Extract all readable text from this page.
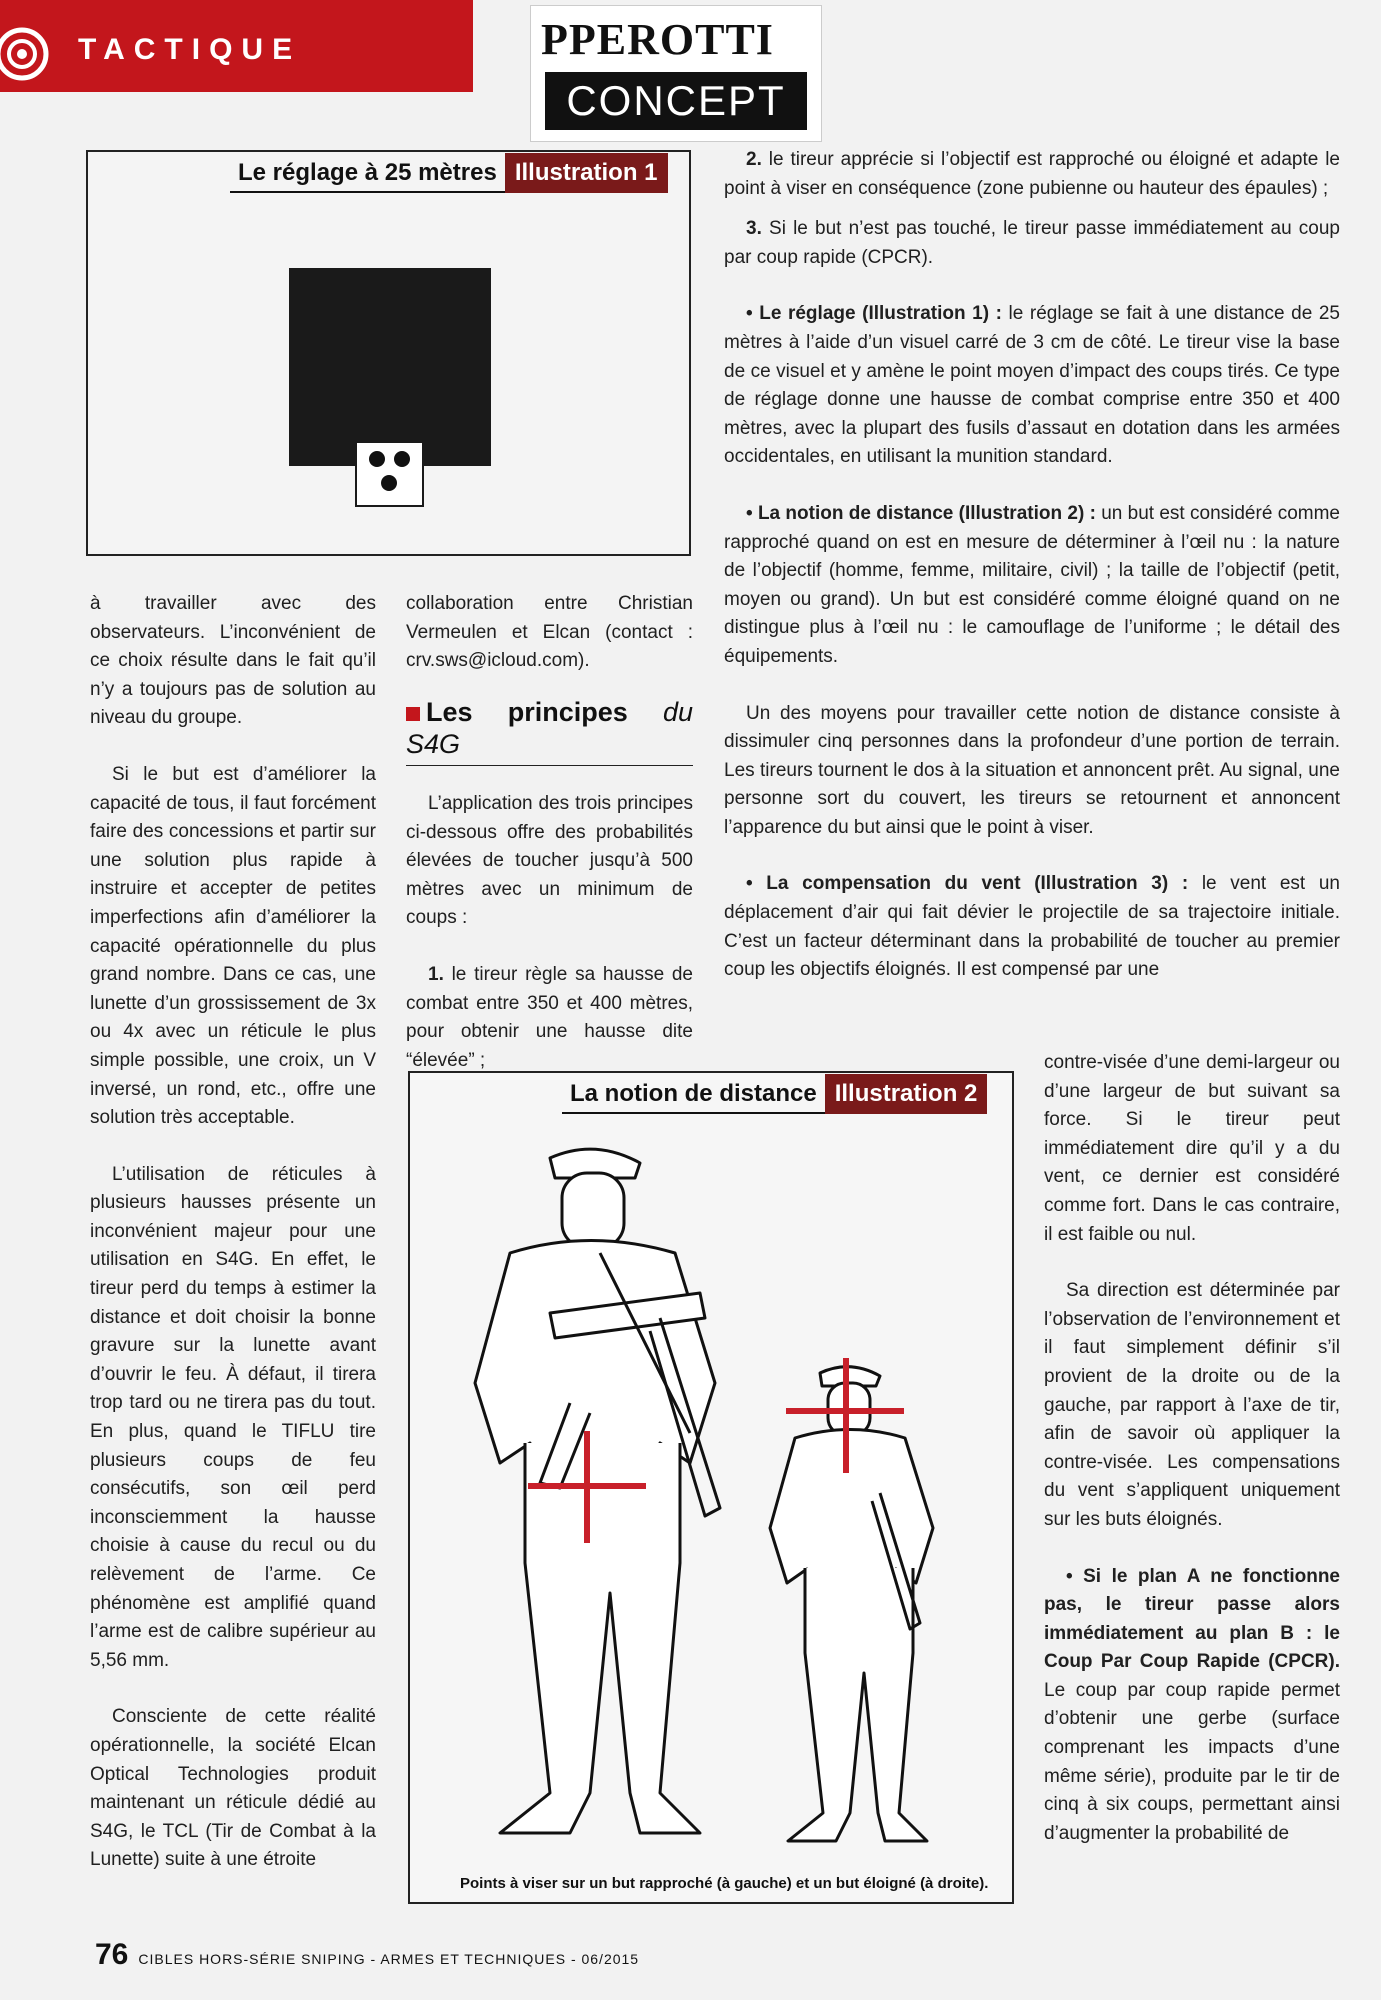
TACTIQUE	PPEROTTI
CONCEPT
Le réglage à 25 mètres Illustration 1

à travailler avec des observateurs. L’inconvénient de ce choix résulte dans le fait qu’il n’y a toujours pas de solution au niveau du groupe.

Si le but est d’améliorer la capacité de tous, il faut forcément faire des concessions et partir sur une solution plus rapide à instruire et accepter de petites imperfections afin d’améliorer la capacité opérationnelle du plus grand nombre. Dans ce cas, une lunette d’un grossissement de 3x ou 4x avec un réticule le plus simple possible, une croix, un V inversé, un rond, etc., offre une solution très acceptable.

L’utilisation de réticules à plusieurs hausses présente un inconvénient majeur pour une utilisation en S4G. En effet, le tireur perd du temps à estimer la distance et doit choisir la bonne gravure sur la lunette avant d’ouvrir le feu. À défaut, il tirera trop tard ou ne tirera pas du tout. En plus, quand le TIFLU tire plusieurs coups de feu consécutifs, son œil perd inconsciemment la hausse choisie à cause du recul ou du relèvement de l’arme. Ce phénomène est amplifié quand l’arme est de calibre supérieur au 5,56 mm.

Consciente de cette réalité opérationnelle, la société Elcan Optical Technologies produit maintenant un réticule dédié au S4G, le TCL (Tir de Combat à la Lunette) suite à une étroite

collaboration entre Christian Vermeulen et Elcan (contact : crv.sws@icloud.com).

Les principes du S4G

L’application des trois principes ci-dessous offre des probabilités élevées de toucher jusqu’à 500 mètres avec un minimum de coups :

1. le tireur règle sa hausse de combat entre 350 et 400 mètres, pour obtenir une hausse dite “élevée” ;

2. le tireur apprécie si l’objectif est rapproché ou éloigné et adapte le point à viser en conséquence (zone pubienne ou hauteur des épaules) ;

3. Si le but n’est pas touché, le tireur passe immédiatement au coup par coup rapide (CPCR).

• Le réglage (Illustration 1) : le réglage se fait à une distance de 25 mètres à l’aide d’un visuel carré de 3 cm de côté. Le tireur vise la base de ce visuel et y amène le point moyen d’impact des coups tirés. Ce type de réglage donne une hausse de combat comprise entre 350 et 400 mètres, avec la plupart des fusils d’assaut en dotation dans les armées occidentales, en utilisant la munition standard.

• La notion de distance (Illustration 2) : un but est considéré comme rapproché quand on est en mesure de déterminer à l’œil nu : la nature de l’objectif (homme, femme, militaire, civil) ; la taille de l’objectif (petit, moyen ou grand). Un but est considéré comme éloigné quand on ne distingue plus à l’œil nu : le camouflage de l’uniforme ; le détail des équipements.

Un des moyens pour travailler cette notion de distance consiste à dissimuler cinq personnes dans la profondeur d’une portion de terrain. Les tireurs tournent le dos à la situation et annoncent prêt. Au signal, une personne sort du couvert, les tireurs se retournent et annoncent l’apparence du but ainsi que le point à viser.

• La compensation du vent (Illustration 3) : le vent est un déplacement d’air qui fait dévier le projectile de sa trajectoire initiale. C’est un facteur déterminant dans la probabilité de toucher au premier coup les objectifs éloignés. Il est compensé par une

contre-visée d’une demi-largeur ou d’une largeur de but suivant sa force. Si le tireur peut immédiatement dire qu’il y a du vent, ce dernier est considéré comme fort. Dans le cas contraire, il est faible ou nul.

Sa direction est déterminée par l’observation de l’environnement et il faut simplement définir s’il provient de la droite ou de la gauche, par rapport à l’axe de tir, afin de savoir où appliquer la contre-visée. Les compensations du vent s’appliquent uniquement sur les buts éloignés.

• Si le plan A ne fonctionne pas, le tireur passe alors immédiatement au plan B : le Coup Par Coup Rapide (CPCR). Le coup par coup rapide permet d’obtenir une gerbe (surface comprenant les impacts d’une même série), produite par le tir de cinq à six coups, permettant ainsi d’augmenter la probabilité de

La notion de distance Illustration 2
Points à viser sur un but rapproché (à gauche) et un but éloigné (à droite).
76 CIBLES HORS-SÉRIE SNIPING - ARMES ET TECHNIQUES - 06/2015
